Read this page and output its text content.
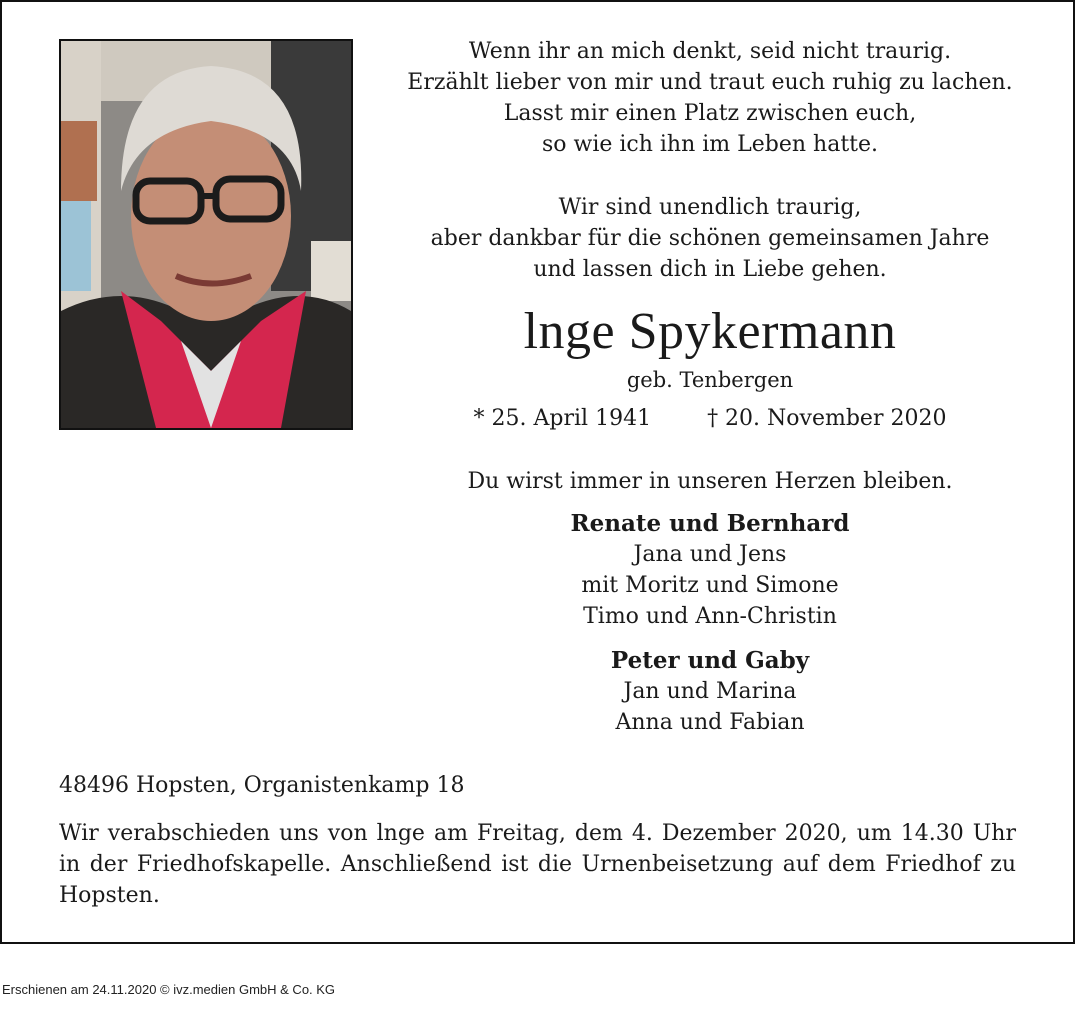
Wenn ihr an mich denkt, seid nicht traurig.
Erzählt lieber von mir und traut euch ruhig zu lachen.
Lasst mir einen Platz zwischen euch,
so wie ich ihn im Leben hatte.
Wir sind unendlich traurig,
aber dankbar für die schönen gemeinsamen Jahre
und lassen dich in Liebe gehen.
lnge Spykermann
geb. Tenbergen
* 25. April 1941	† 20. November 2020
Du wirst immer in unseren Herzen bleiben.
Renate und Bernhard
Jana und Jens
mit Moritz und Simone
Timo und Ann-Christin
Peter und Gaby
Jan und Marina
Anna und Fabian
48496 Hopsten, Organistenkamp 18
Wir verabschieden uns von lnge am Freitag, dem 4. Dezember 2020, um 14.30 Uhr in der Friedhofskapelle. Anschließend ist die Urnenbeisetzung auf dem Friedhof zu Hopsten.
Erschienen am 24.11.2020 © ivz.medien GmbH & Co. KG
